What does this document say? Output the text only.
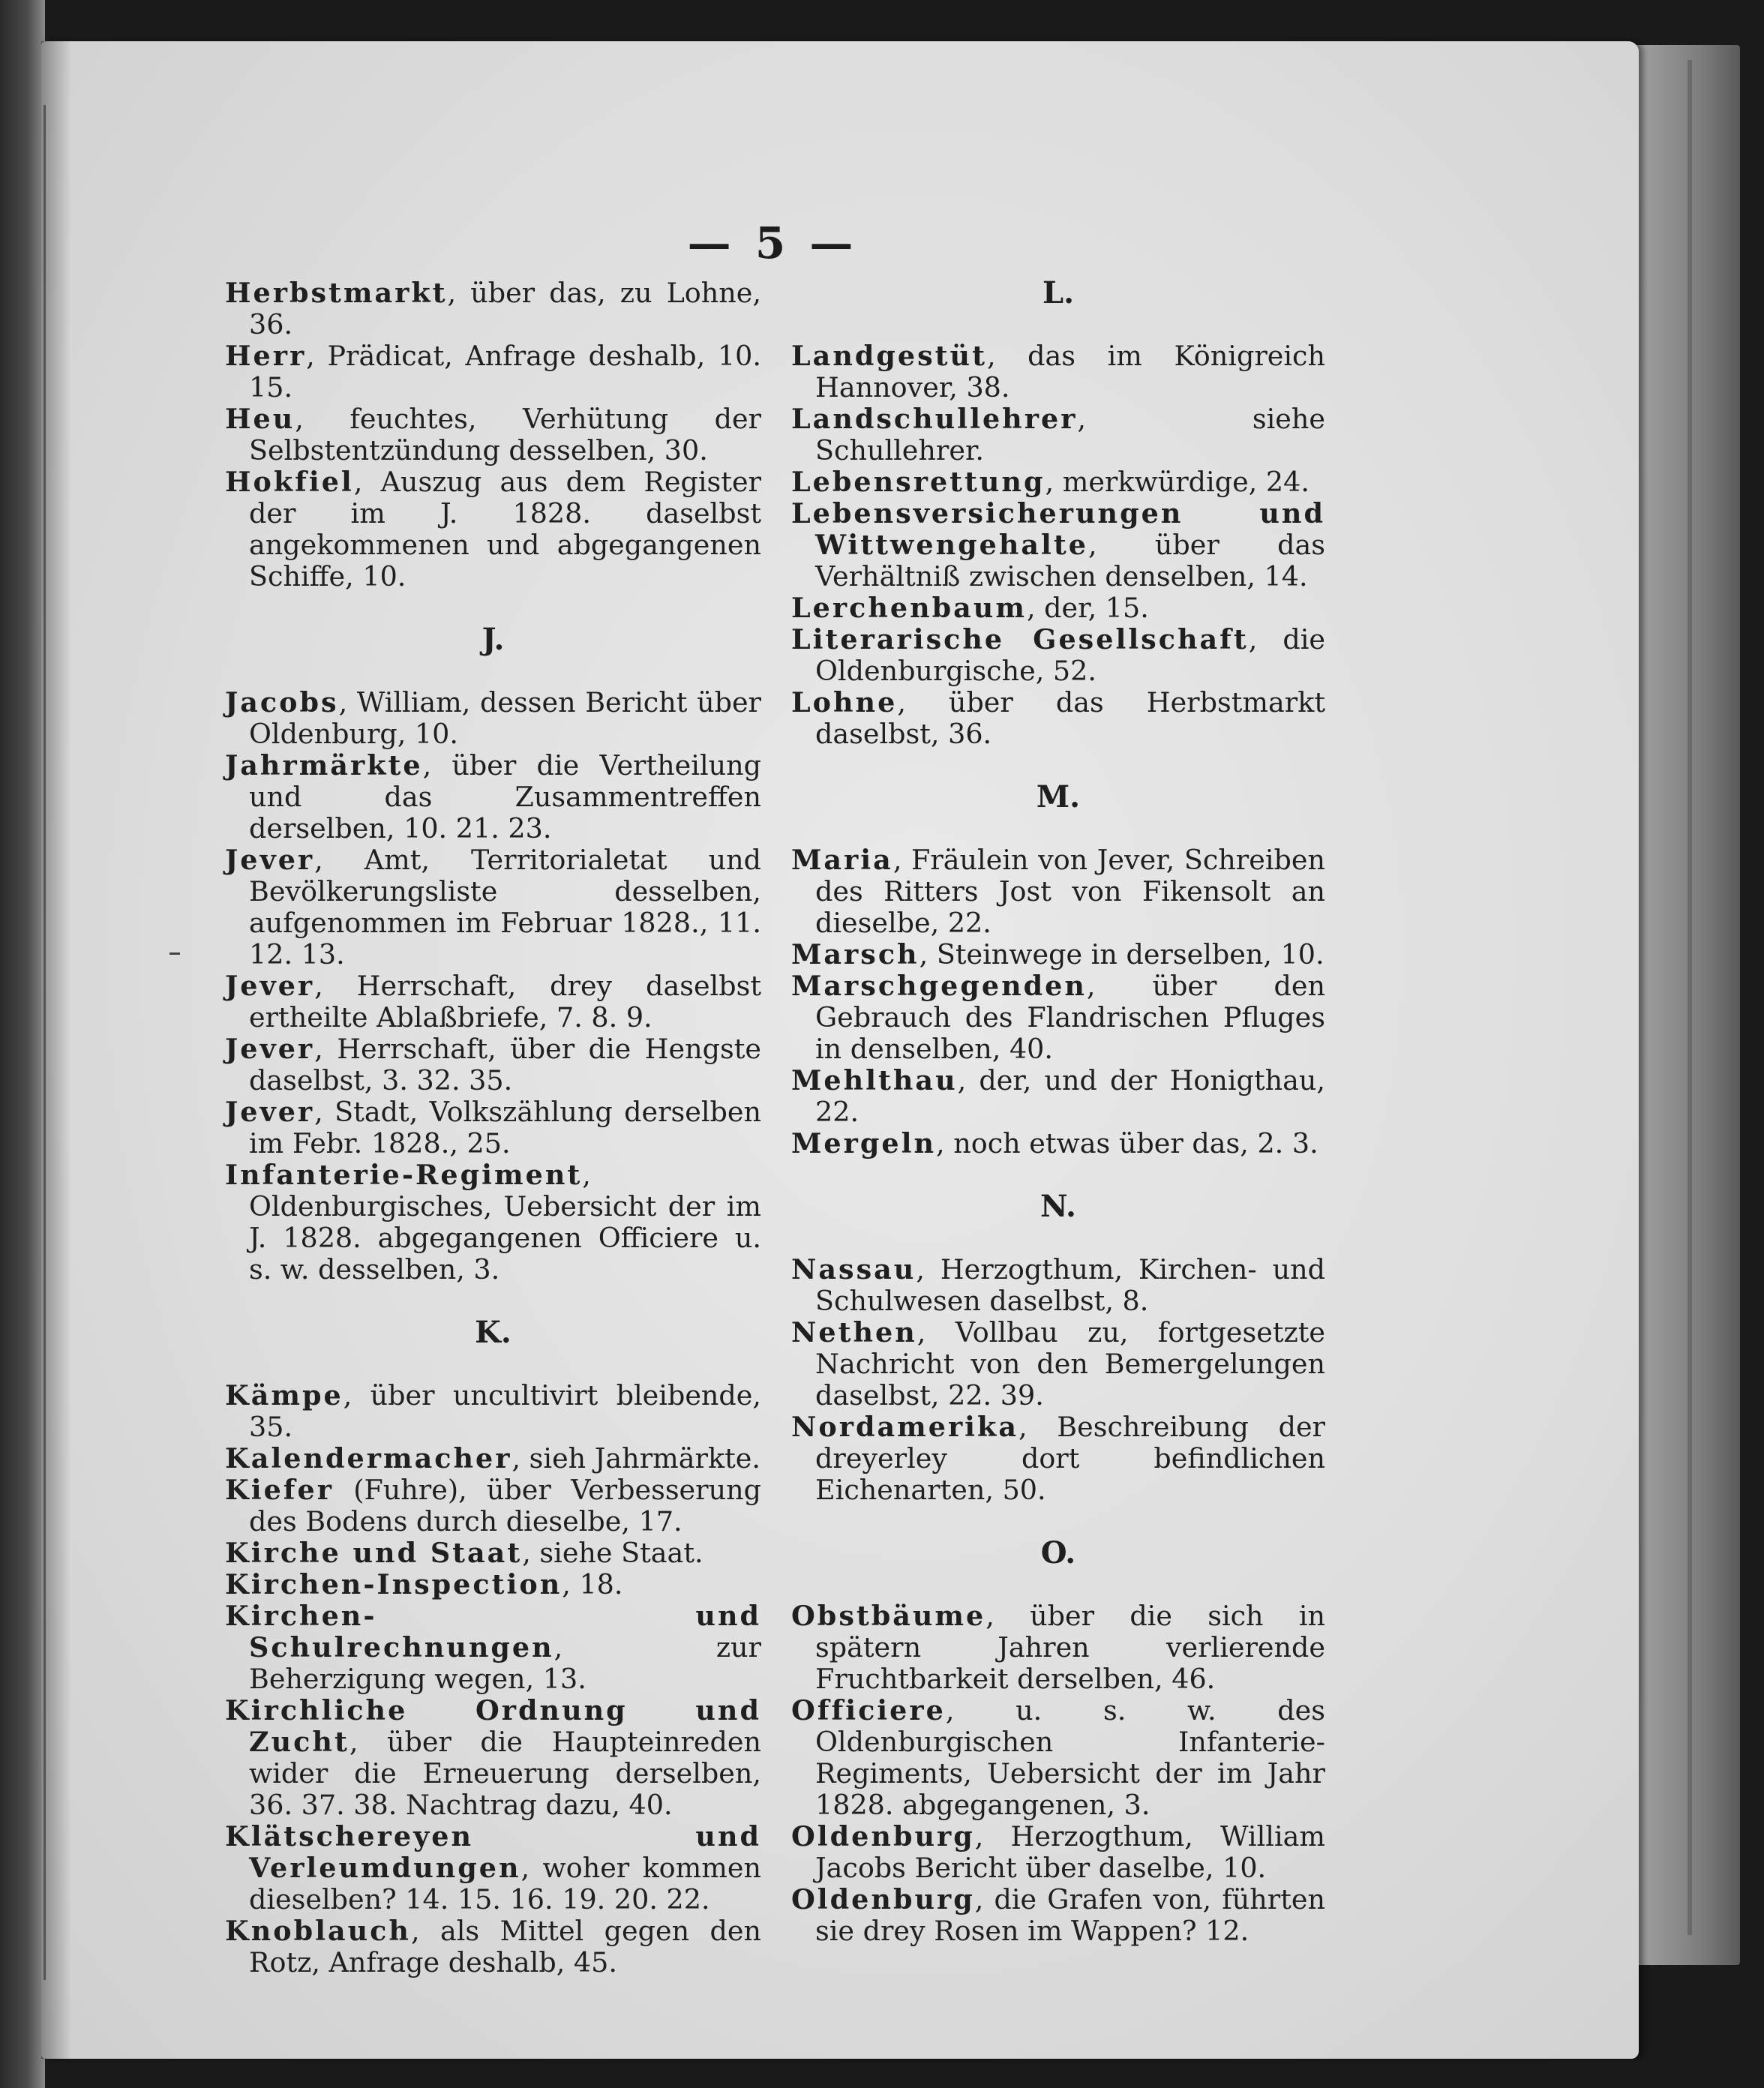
— 5 —

Herbstmarkt, über das, zu Lohne, 36.

Herr, Prädicat, Anfrage deshalb, 10. 15.

Heu, feuchtes, Verhütung der Selbstentzündung desselben, 30.

Hokfiel, Auszug aus dem Register der im J. 1828. daselbst angekommenen und abgegangenen Schiffe, 10.

J.

Jacobs, William, dessen Bericht über Oldenburg, 10.

Jahrmärkte, über die Vertheilung und das Zusammentreffen derselben, 10. 21. 23.

Jever, Amt, Territorialetat und Bevölkerungsliste desselben, aufgenommen im Februar 1828., 11. 12. 13.

Jever, Herrschaft, drey daselbst ertheilte Ablaßbriefe, 7. 8. 9.

Jever, Herrschaft, über die Hengste daselbst, 3. 32. 35.

Jever, Stadt, Volkszählung derselben im Febr. 1828., 25.

Infanterie-Regiment, Oldenburgisches, Uebersicht der im J. 1828. abgegangenen Officiere u. s. w. desselben, 3.

K.

Kämpe, über uncultivirt bleibende, 35.

Kalendermacher, sieh Jahrmärkte.

Kiefer (Fuhre), über Verbesserung des Bodens durch dieselbe, 17.

Kirche und Staat, siehe Staat.

Kirchen-Inspection, 18.

Kirchen- und Schulrechnungen, zur Beherzigung wegen, 13.

Kirchliche Ordnung und Zucht, über die Haupteinreden wider die Erneuerung derselben, 36. 37. 38. Nachtrag dazu, 40.

Klätschereyen und Verleumdungen, woher kommen dieselben? 14. 15. 16. 19. 20. 22.

Knoblauch, als Mittel gegen den Rotz, Anfrage deshalb, 45.

L.

Landgestüt, das im Königreich Hannover, 38.

Landschullehrer, siehe Schullehrer.

Lebensrettung, merkwürdige, 24.

Lebensversicherungen und Wittwengehalte, über das Verhältniß zwischen denselben, 14.

Lerchenbaum, der, 15.

Literarische Gesellschaft, die Oldenburgische, 52.

Lohne, über das Herbstmarkt daselbst, 36.

M.

Maria, Fräulein von Jever, Schreiben des Ritters Jost von Fikensolt an dieselbe, 22.

Marsch, Steinwege in derselben, 10.

Marschgegenden, über den Gebrauch des Flandrischen Pfluges in denselben, 40.

Mehlthau, der, und der Honigthau, 22.

Mergeln, noch etwas über das, 2. 3.

N.

Nassau, Herzogthum, Kirchen- und Schulwesen daselbst, 8.

Nethen, Vollbau zu, fortgesetzte Nachricht von den Bemergelungen daselbst, 22. 39.

Nordamerika, Beschreibung der dreyerley dort befindlichen Eichenarten, 50.

O.

Obstbäume, über die sich in spätern Jahren verlierende Fruchtbarkeit derselben, 46.

Officiere, u. s. w. des Oldenburgischen Infanterie-Regiments, Uebersicht der im Jahr 1828. abgegangenen, 3.

Oldenburg, Herzogthum, William Jacobs Bericht über daselbe, 10.

Oldenburg, die Grafen von, führten sie drey Rosen im Wappen? 12.
